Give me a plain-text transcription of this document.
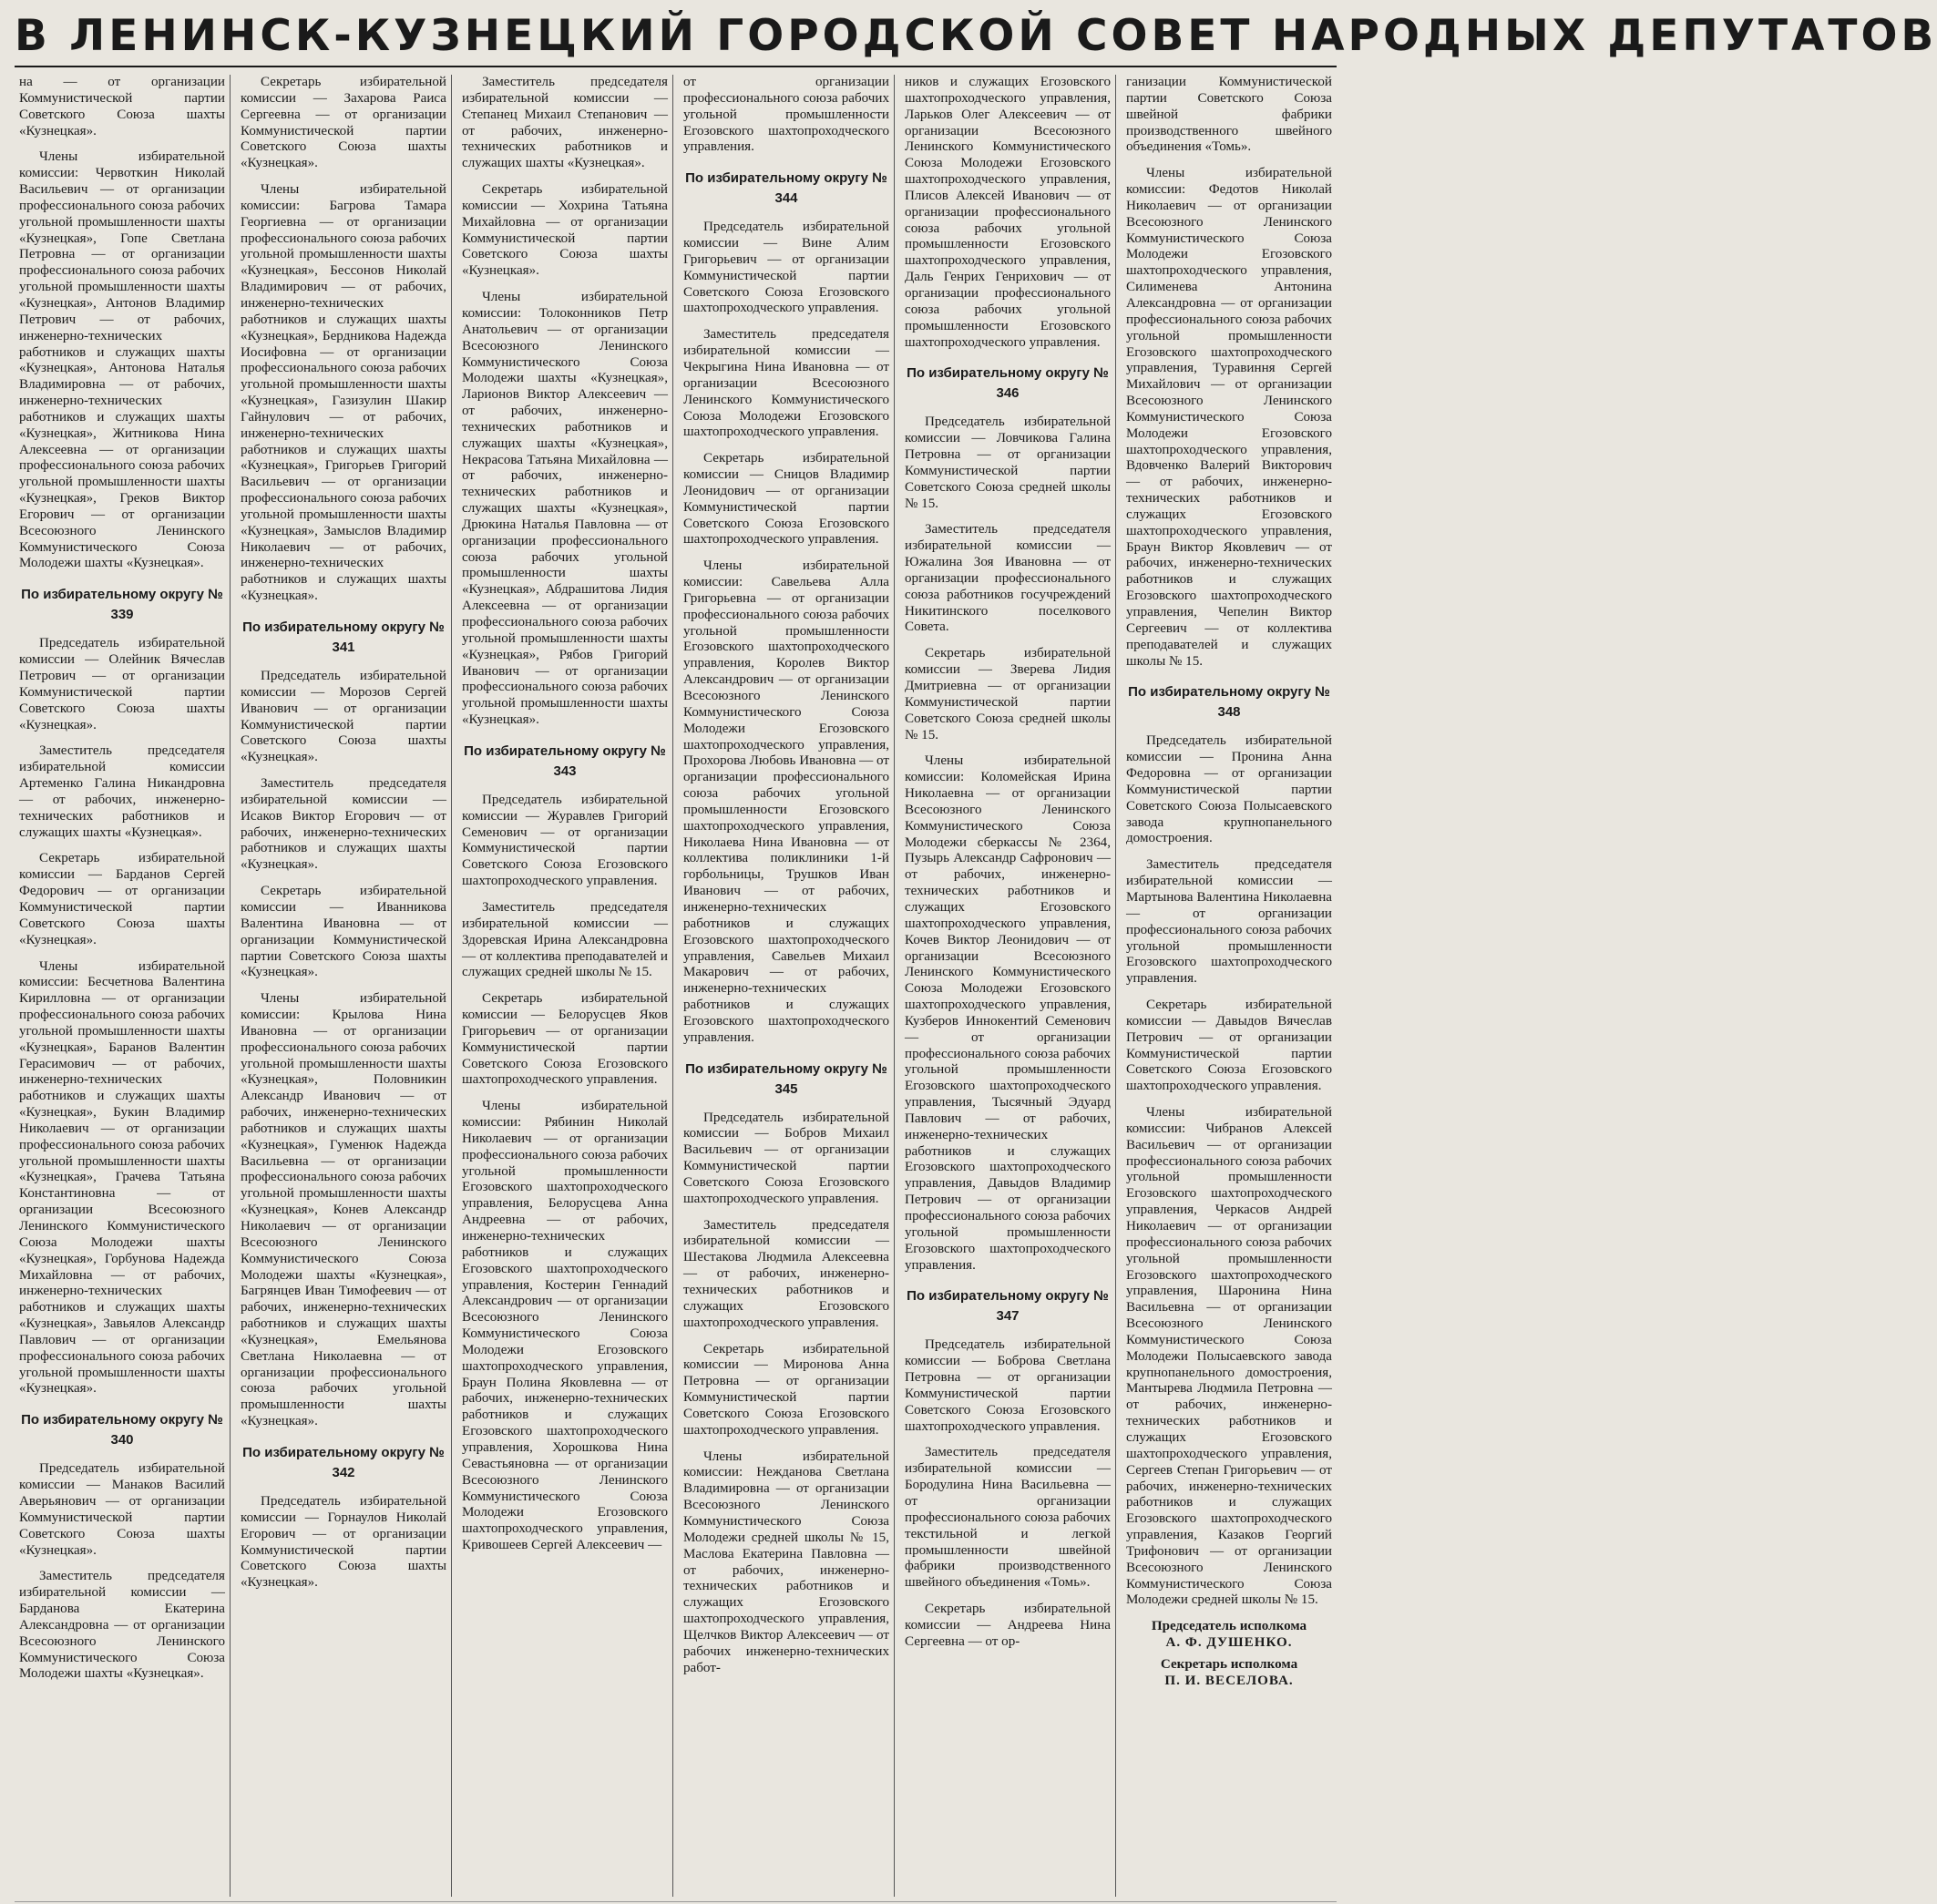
В ЛЕНИНСК-КУЗНЕЦКИЙ ГОРОДСКОЙ СОВЕТ НАРОДНЫХ ДЕПУТАТОВ

на — от организации Коммунистической партии Советского Союза шахты «Кузнецкая».

Члены избирательной комиссии: Червоткин Николай Васильевич — от организации профессионального союза рабочих угольной промышленности шахты «Кузнецкая», Гопе Светлана Петровна — от организации профессионального союза рабочих угольной промышленности шахты «Кузнецкая», Антонов Владимир Петрович — от рабочих, инженерно-технических работников и служащих шахты «Кузнецкая», Антонова Наталья Владимировна — от рабочих, инженерно-технических работников и служащих шахты «Кузнецкая», Житникова Нина Алексеевна — от организации профессионального союза рабочих угольной промышленности шахты «Кузнецкая», Греков Виктор Егорович — от организации Всесоюзного Ленинского Коммунистического Союза Молодежи шахты «Кузнецкая».

По избирательному округу № 339

Председатель избирательной комиссии — Олейник Вячеслав Петрович — от организации Коммунистической партии Советского Союза шахты «Кузнецкая».

Заместитель председателя избирательной комиссии Артеменко Галина Никандровна — от рабочих, инженерно-технических работников и служащих шахты «Кузнецкая».

Секретарь избирательной комиссии — Барданов Сергей Федорович — от организации Коммунистической партии Советского Союза шахты «Кузнецкая».

Члены избирательной комиссии: Бесчетнова Валентина Кирилловна — от организации профессионального союза рабочих угольной промышленности шахты «Кузнецкая», Баранов Валентин Герасимович — от рабочих, инженерно-технических работников и служащих шахты «Кузнецкая», Букин Владимир Николаевич — от организации профессионального союза рабочих угольной промышленности шахты «Кузнецкая», Грачева Татьяна Константиновна — от организации Всесоюзного Ленинского Коммунистического Союза Молодежи шахты «Кузнецкая», Горбунова Надежда Михайловна — от рабочих, инженерно-технических работников и служащих шахты «Кузнецкая», Завьялов Александр Павлович — от организации профессионального союза рабочих угольной промышленности шахты «Кузнецкая».

По избирательному округу № 340

Председатель избирательной комиссии — Манаков Василий Аверьянович — от организации Коммунистической партии Советского Союза шахты «Кузнецкая».

Заместитель председателя избирательной комиссии — Барданова Екатерина Александровна — от организации Всесоюзного Ленинского Коммунистического Союза Молодежи шахты «Кузнецкая».

Секретарь избирательной комиссии — Захарова Раиса Сергеевна — от организации Коммунистической партии Советского Союза шахты «Кузнецкая».

Члены избирательной комиссии: Багрова Тамара Георгиевна — от организации профессионального союза рабочих угольной промышленности шахты «Кузнецкая», Бессонов Николай Владимирович — от рабочих, инженерно-технических работников и служащих шахты «Кузнецкая», Бердникова Надежда Иосифовна — от организации профессионального союза рабочих угольной промышленности шахты «Кузнецкая», Газизулин Шакир Гайнулович — от рабочих, инженерно-технических работников и служащих шахты «Кузнецкая», Григорьев Григорий Васильевич — от организации профессионального союза рабочих угольной промышленности шахты «Кузнецкая», Замыслов Владимир Николаевич — от рабочих, инженерно-технических работников и служащих шахты «Кузнецкая».

По избирательному округу № 341

Председатель избирательной комиссии — Морозов Сергей Иванович — от организации Коммунистической партии Советского Союза шахты «Кузнецкая».

Заместитель председателя избирательной комиссии — Исаков Виктор Егорович — от рабочих, инженерно-технических работников и служащих шахты «Кузнецкая».

Секретарь избирательной комиссии — Иванникова Валентина Ивановна — от организации Коммунистической партии Советского Союза шахты «Кузнецкая».

Члены избирательной комиссии: Крылова Нина Ивановна — от организации профессионального союза рабочих угольной промышленности шахты «Кузнецкая», Половникин Александр Иванович — от рабочих, инженерно-технических работников и служащих шахты «Кузнецкая», Гуменюк Надежда Васильевна — от организации профессионального союза рабочих угольной промышленности шахты «Кузнецкая», Конев Александр Николаевич — от организации Всесоюзного Ленинского Коммунистического Союза Молодежи шахты «Кузнецкая», Багрянцев Иван Тимофеевич — от рабочих, инженерно-технических работников и служащих шахты «Кузнецкая», Емельянова Светлана Николаевна — от организации профессионального союза рабочих угольной промышленности шахты «Кузнецкая».

По избирательному округу № 342

Председатель избирательной комиссии — Горнаулов Николай Егорович — от организации Коммунистической партии Советского Союза шахты «Кузнецкая».

Заместитель председателя избирательной комиссии — Степанец Михаил Степанович — от рабочих, инженерно-технических работников и служащих шахты «Кузнецкая».

Секретарь избирательной комиссии — Хохрина Татьяна Михайловна — от организации Коммунистической партии Советского Союза шахты «Кузнецкая».

Члены избирательной комиссии: Толоконников Петр Анатольевич — от организации Всесоюзного Ленинского Коммунистического Союза Молодежи шахты «Кузнецкая», Ларионов Виктор Алексеевич — от рабочих, инженерно-технических работников и служащих шахты «Кузнецкая», Некрасова Татьяна Михайловна — от рабочих, инженерно-технических работников и служащих шахты «Кузнецкая», Дрюкина Наталья Павловна — от организации профессионального союза рабочих угольной промышленности шахты «Кузнецкая», Абдрашитова Лидия Алексеевна — от организации профессионального союза рабочих угольной промышленности шахты «Кузнецкая», Рябов Григорий Иванович — от организации профессионального союза рабочих угольной промышленности шахты «Кузнецкая».

По избирательному округу № 343

Председатель избирательной комиссии — Журавлев Григорий Семенович — от организации Коммунистической партии Советского Союза Егозовского шахтопроходческого управления.

Заместитель председателя избирательной комиссии — Здоревская Ирина Александровна — от коллектива преподавателей и служащих средней школы № 15.

Секретарь избирательной комиссии — Белорусцев Яков Григорьевич — от организации Коммунистической партии Советского Союза Егозовского шахтопроходческого управления.

Члены избирательной комиссии: Рябинин Николай Николаевич — от организации профессионального союза рабочих угольной промышленности Егозовского шахтопроходческого управления, Белорусцева Анна Андреевна — от рабочих, инженерно-технических работников и служащих Егозовского шахтопроходческого управления, Костерин Геннадий Александрович — от организации Всесоюзного Ленинского Коммунистического Союза Молодежи Егозовского шахтопроходческого управления, Браун Полина Яковлевна — от рабочих, инженерно-технических работников и служащих Егозовского шахтопроходческого управления, Хорошкова Нина Севастьяновна — от организации Всесоюзного Ленинского Коммунистического Союза Молодежи Егозовского шахтопроходческого управления, Кривошеев Сергей Алексеевич —

от организации профессионального союза рабочих угольной промышленности Егозовского шахтопроходческого управления.

По избирательному округу № 344

Председатель избирательной комиссии — Вине Алим Григорьевич — от организации Коммунистической партии Советского Союза Егозовского шахтопроходческого управления.

Заместитель председателя избирательной комиссии — Чекрыгина Нина Ивановна — от организации Всесоюзного Ленинского Коммунистического Союза Молодежи Егозовского шахтопроходческого управления.

Секретарь избирательной комиссии — Сницов Владимир Леонидович — от организации Коммунистической партии Советского Союза Егозовского шахтопроходческого управления.

Члены избирательной комиссии: Савельева Алла Григорьевна — от организации профессионального союза рабочих угольной промышленности Егозовского шахтопроходческого управления, Королев Виктор Александрович — от организации Всесоюзного Ленинского Коммунистического Союза Молодежи Егозовского шахтопроходческого управления, Прохорова Любовь Ивановна — от организации профессионального союза рабочих угольной промышленности Егозовского шахтопроходческого управления, Николаева Нина Ивановна — от коллектива поликлиники 1-й горбольницы, Трушков Иван Иванович — от рабочих, инженерно-технических работников и служащих Егозовского шахтопроходческого управления, Савельев Михаил Макарович — от рабочих, инженерно-технических работников и служащих Егозовского шахтопроходческого управления.

По избирательному округу № 345

Председатель избирательной комиссии — Бобров Михаил Васильевич — от организации Коммунистической партии Советского Союза Егозовского шахтопроходческого управления.

Заместитель председателя избирательной комиссии — Шестакова Людмила Алексеевна — от рабочих, инженерно-технических работников и служащих Егозовского шахтопроходческого управления.

Секретарь избирательной комиссии — Миронова Анна Петровна — от организации Коммунистической партии Советского Союза Егозовского шахтопроходческого управления.

Члены избирательной комиссии: Нежданова Светлана Владимировна — от организации Всесоюзного Ленинского Коммунистического Союза Молодежи средней школы № 15, Маслова Екатерина Павловна — от рабочих, инженерно-технических работников и служащих Егозовского шахтопроходческого управления, Щелчков Виктор Алексеевич — от рабочих инженерно-технических работ-

ников и служащих Егозовского шахтопроходческого управления, Ларьков Олег Алексеевич — от организации Всесоюзного Ленинского Коммунистического Союза Молодежи Егозовского шахтопроходческого управления, Плисов Алексей Иванович — от организации профессионального союза рабочих угольной промышленности Егозовского шахтопроходческого управления, Даль Генрих Генрихович — от организации профессионального союза рабочих угольной промышленности Егозовского шахтопроходческого управления.

По избирательному округу № 346

Председатель избирательной комиссии — Ловчикова Галина Петровна — от организации Коммунистической партии Советского Союза средней школы № 15.

Заместитель председателя избирательной комиссии — Южалина Зоя Ивановна — от организации профессионального союза работников госучреждений Никитинского поселкового Совета.

Секретарь избирательной комиссии — Зверева Лидия Дмитриевна — от организации Коммунистической партии Советского Союза средней школы № 15.

Члены избирательной комиссии: Коломейская Ирина Николаевна — от организации Всесоюзного Ленинского Коммунистического Союза Молодежи сберкассы № 2364, Пузырь Александр Сафронович — от рабочих, инженерно-технических работников и служащих Егозовского шахтопроходческого управления, Кочев Виктор Леонидович — от организации Всесоюзного Ленинского Коммунистического Союза Молодежи Егозовского шахтопроходческого управления, Кузберов Иннокентий Семенович — от организации профессионального союза рабочих угольной промышленности Егозовского шахтопроходческого управления, Тысячный Эдуард Павлович — от рабочих, инженерно-технических работников и служащих Егозовского шахтопроходческого управления, Давыдов Владимир Петрович — от организации профессионального союза рабочих угольной промышленности Егозовского шахтопроходческого управления.

По избирательному округу № 347

Председатель избирательной комиссии — Боброва Светлана Петровна — от организации Коммунистической партии Советского Союза Егозовского шахтопроходческого управления.

Заместитель председателя избирательной комиссии — Бородулина Нина Васильевна — от организации профессионального союза рабочих текстильной и легкой промышленности швейной фабрики производственного швейного объединения «Томь».

Секретарь избирательной комиссии — Андреева Нина Сергеевна — от ор-

ганизации Коммунистической партии Советского Союза швейной фабрики производственного швейного объединения «Томь».

Члены избирательной комиссии: Федотов Николай Николаевич — от организации Всесоюзного Ленинского Коммунистического Союза Молодежи Егозовского шахтопроходческого управления, Силименева Антонина Александровна — от организации профессионального союза рабочих угольной промышленности Егозовского шахтопроходческого управления, Туравиння Сергей Михайлович — от организации Всесоюзного Ленинского Коммунистического Союза Молодежи Егозовского шахтопроходческого управления, Вдовченко Валерий Викторович — от рабочих, инженерно-технических работников и служащих Егозовского шахтопроходческого управления, Браун Виктор Яковлевич — от рабочих, инженерно-технических работников и служащих Егозовского шахтопроходческого управления, Чепелин Виктор Сергеевич — от коллектива преподавателей и служащих школы № 15.

По избирательному округу № 348

Председатель избирательной комиссии — Пронина Анна Федоровна — от организации Коммунистической партии Советского Союза Полысаевского завода крупнопанельного домостроения.

Заместитель председателя избирательной комиссии — Мартынова Валентина Николаевна — от организации профессионального союза рабочих угольной промышленности Егозовского шахтопроходческого управления.

Секретарь избирательной комиссии — Давыдов Вячеслав Петрович — от организации Коммунистической партии Советского Союза Егозовского шахтопроходческого управления.

Члены избирательной комиссии: Чибранов Алексей Васильевич — от организации профессионального союза рабочих угольной промышленности Егозовского шахтопроходческого управления, Черкасов Андрей Николаевич — от организации профессионального союза рабочих угольной промышленности Егозовского шахтопроходческого управления, Шаронина Нина Васильевна — от организации Всесоюзного Ленинского Коммунистического Союза Молодежи Полысаевского завода крупнопанельного домостроения, Мантырева Людмила Петровна — от рабочих, инженерно-технических работников и служащих Егозовского шахтопроходческого управления, Сергеев Степан Григорьевич — от рабочих, инженерно-технических работников и служащих Егозовского шахтопроходческого управления, Казаков Георгий Трифонович — от организации Всесоюзного Ленинского Коммунистического Союза Молодежи средней школы № 15.

Председатель исполкома
А. Ф. ДУШЕНКО.
Секретарь исполкома
П. И. ВЕСЕЛОВА.
